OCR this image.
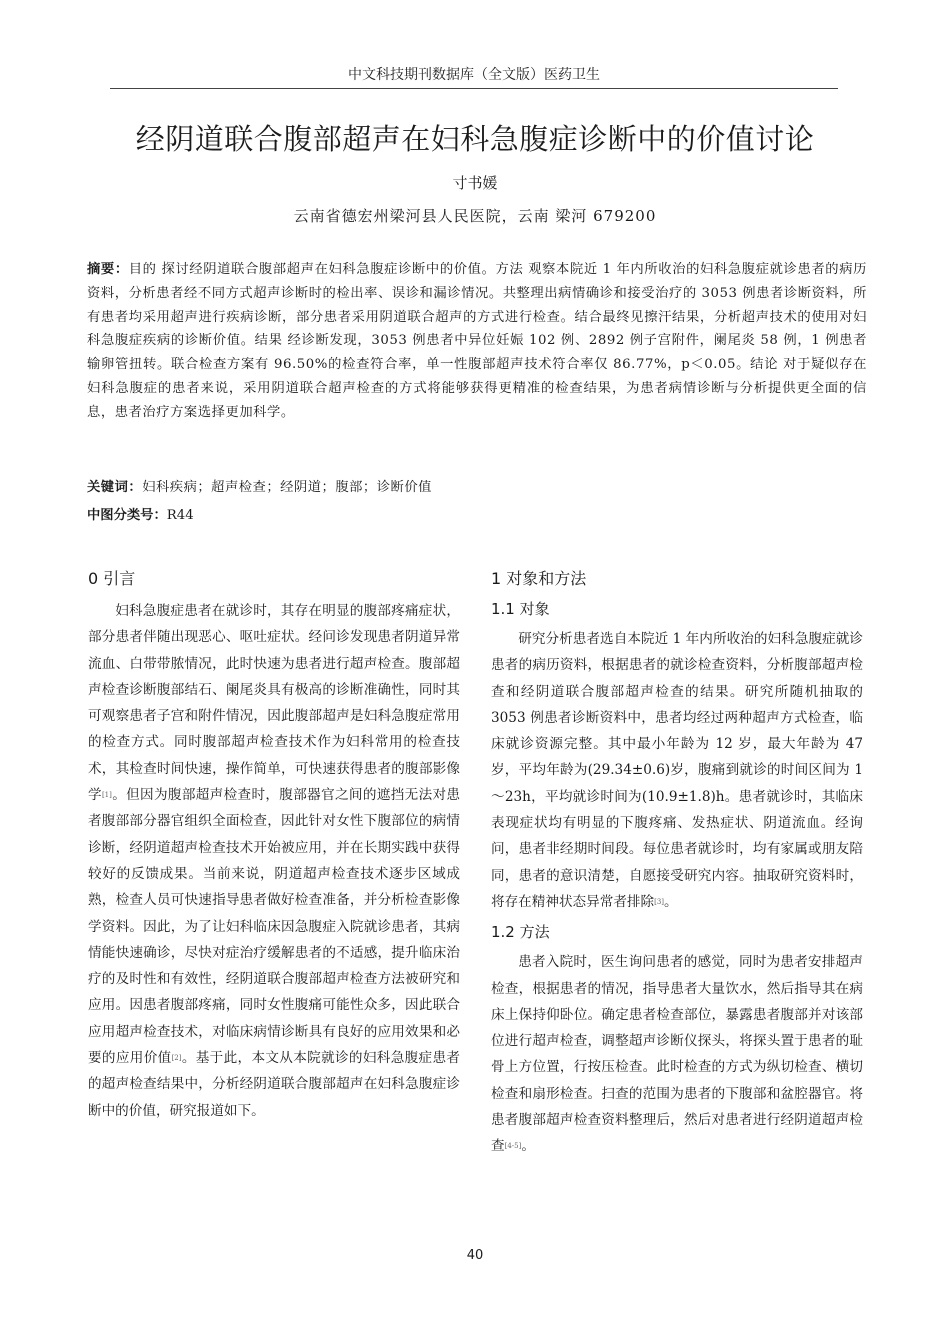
中文科技期刊数据库（全文版）医药卫生
经阴道联合腹部超声在妇科急腹症诊断中的价值讨论
寸书媛
云南省德宏州梁河县人民医院，云南 梁河 679200
摘要：目的 探讨经阴道联合腹部超声在妇科急腹症诊断中的价值。方法 观察本院近 1 年内所收治的妇科急腹症就诊患者的病历资料，分析患者经不同方式超声诊断时的检出率、误诊和漏诊情况。共整理出病情确诊和接受治疗的 3053 例患者诊断资料，所有患者均采用超声进行疾病诊断，部分患者采用阴道联合超声的方式进行检查。结合最终见擦汗结果，分析超声技术的使用对妇科急腹症疾病的诊断价值。结果 经诊断发现，3053 例患者中异位妊娠 102 例、2892 例子宫附件，阑尾炎 58 例，1 例患者输卵管扭转。联合检查方案有 96.50%的检查符合率，单一性腹部超声技术符合率仅 86.77%，p＜0.05。结论 对于疑似存在妇科急腹症的患者来说，采用阴道联合超声检查的方式将能够获得更精准的检查结果，为患者病情诊断与分析提供更全面的信息，患者治疗方案选择更加科学。
关键词：妇科疾病；超声检查；经阴道；腹部；诊断价值
中图分类号：R44
0 引言

妇科急腹症患者在就诊时，其存在明显的腹部疼痛症状，部分患者伴随出现恶心、呕吐症状。经问诊发现患者阴道异常流血、白带带脓情况，此时快速为患者进行超声检查。腹部超声检查诊断腹部结石、阑尾炎具有极高的诊断准确性，同时其可观察患者子宫和附件情况，因此腹部超声是妇科急腹症常用的检查方式。同时腹部超声检查技术作为妇科常用的检查技术，其检查时间快速，操作简单，可快速获得患者的腹部影像学[1]。但因为腹部超声检查时，腹部器官之间的遮挡无法对患者腹部部分器官组织全面检查，因此针对女性下腹部位的病情诊断，经阴道超声检查技术开始被应用，并在长期实践中获得较好的反馈成果。当前来说，阴道超声检查技术逐步区域成熟，检查人员可快速指导患者做好检查准备，并分析检查影像学资料。因此，为了让妇科临床因急腹症入院就诊患者，其病情能快速确诊，尽快对症治疗缓解患者的不适感，提升临床治疗的及时性和有效性，经阴道联合腹部超声检查方法被研究和应用。因患者腹部疼痛，同时女性腹痛可能性众多，因此联合应用超声检查技术，对临床病情诊断具有良好的应用效果和必要的应用价值[2]。基于此，本文从本院就诊的妇科急腹症患者的超声检查结果中，分析经阴道联合腹部超声在妇科急腹症诊断中的价值，研究报道如下。

1 对象和方法
1.1 对象

研究分析患者选自本院近 1 年内所收治的妇科急腹症就诊患者的病历资料，根据患者的就诊检查资料，分析腹部超声检查和经阴道联合腹部超声检查的结果。研究所随机抽取的 3053 例患者诊断资料中，患者均经过两种超声方式检查，临床就诊资源完整。其中最小年龄为 12 岁，最大年龄为 47 岁，平均年龄为(29.34±0.6)岁，腹痛到就诊的时间区间为 1～23h，平均就诊时间为(10.9±1.8)h。患者就诊时，其临床表现症状均有明显的下腹疼痛、发热症状、阴道流血。经询问，患者非经期时间段。每位患者就诊时，均有家属或朋友陪同，患者的意识清楚，自愿接受研究内容。抽取研究资料时，将存在精神状态异常者排除[3]。

1.2 方法

患者入院时，医生询问患者的感觉，同时为患者安排超声检查，根据患者的情况，指导患者大量饮水，然后指导其在病床上保持仰卧位。确定患者检查部位，暴露患者腹部并对该部位进行超声检查，调整超声诊断仪探头，将探头置于患者的耻骨上方位置，行按压检查。此时检查的方式为纵切检查、横切检查和扇形检查。扫查的范围为患者的下腹部和盆腔器官。将患者腹部超声检查资料整理后，然后对患者进行经阴道超声检查[4-5]。

40
